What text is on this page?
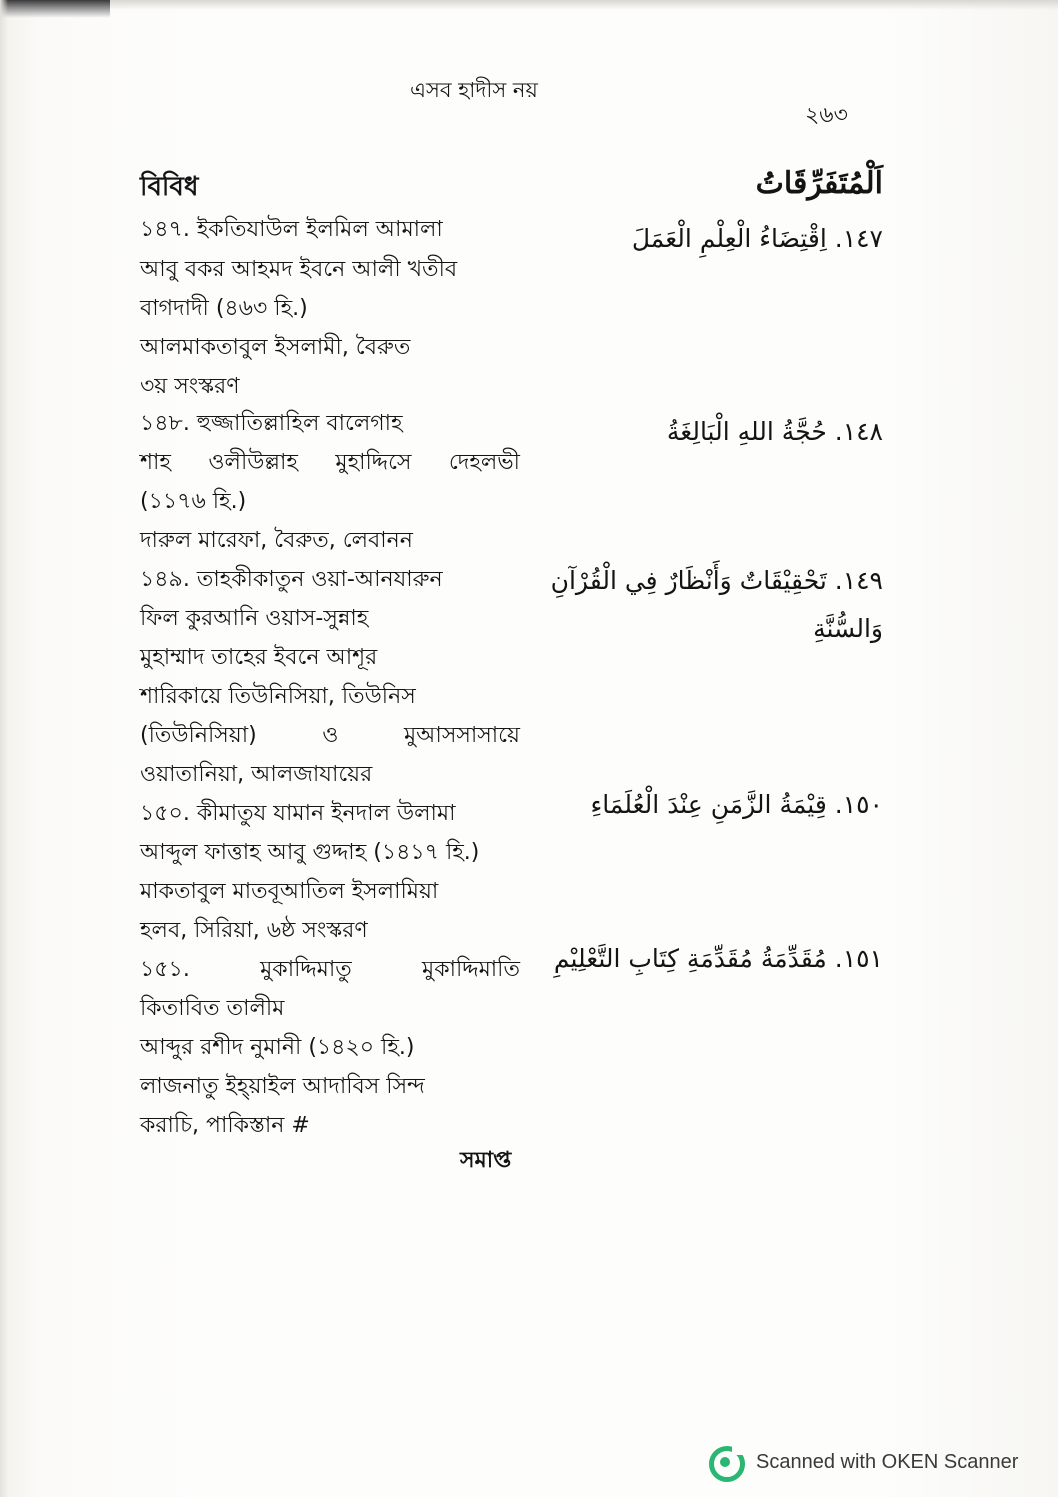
এসব হাদীস নয়
২৬৩
বিবিধ	اَلْمُتَفَرِّقَاتُ
১৪৭. ইকতিযাউল ইলমিল আমালা
আবু বকর আহমদ ইবনে আলী খতীব
বাগদাদী (৪৬৩ হি.)
আলমাকতাবুল ইসলামী, বৈরুত
৩য় সংস্করণ
١٤٧. اِقْتِضَاءُ الْعِلْمِ الْعَمَلَ
১৪৮. হুজ্জাতিল্লাহিল বালেগাহ
শাহ ওলীউল্লাহ মুহাদ্দিসে দেহলভী
(১১৭৬ হি.)
দারুল মারেফা, বৈরুত, লেবানন
١٤٨. حُجَّةُ اللهِ الْبَالِغَةُ
১৪৯. তাহকীকাতুন ওয়া-আনযারুন
ফিল কুরআনি ওয়াস-সুন্নাহ
মুহাম্মাদ তাহের ইবনে আশূর
শারিকায়ে তিউনিসিয়া, তিউনিস
(তিউনিসিয়া)	ও	মুআসসাসায়ে
ওয়াতানিয়া, আলজাযায়ের
١٤٩. تَحْقِيْقَاتٌ وَأَنْظَارٌ فِي الْقُرْآنِ
وَالسُّنَّةِ
১৫০. কীমাতুয যামান ইনদাল উলামা
আব্দুল ফাত্তাহ আবু গুদ্দাহ (১৪১৭ হি.)
মাকতাবুল মাতবূআতিল ইসলামিয়া
হলব, সিরিয়া, ৬ষ্ঠ সংস্করণ
١٥٠. قِيْمَةُ الزَّمَنِ عِنْدَ الْعُلَمَاءِ
১৫১.	মুকাদ্দিমাতু	মুকাদ্দিমাতি
কিতাবিত তালীম
আব্দুর রশীদ নুমানী (১৪২০ হি.)
লাজনাতু ইহ্য়াইল আদাবিস সিন্দ
করাচি, পাকিস্তান #
١٥١. مُقَدِّمَةُ مُقَدِّمَةِ كِتَابِ التَّعْلِيْمِ
সমাপ্ত
Scanned with OKEN Scanner
